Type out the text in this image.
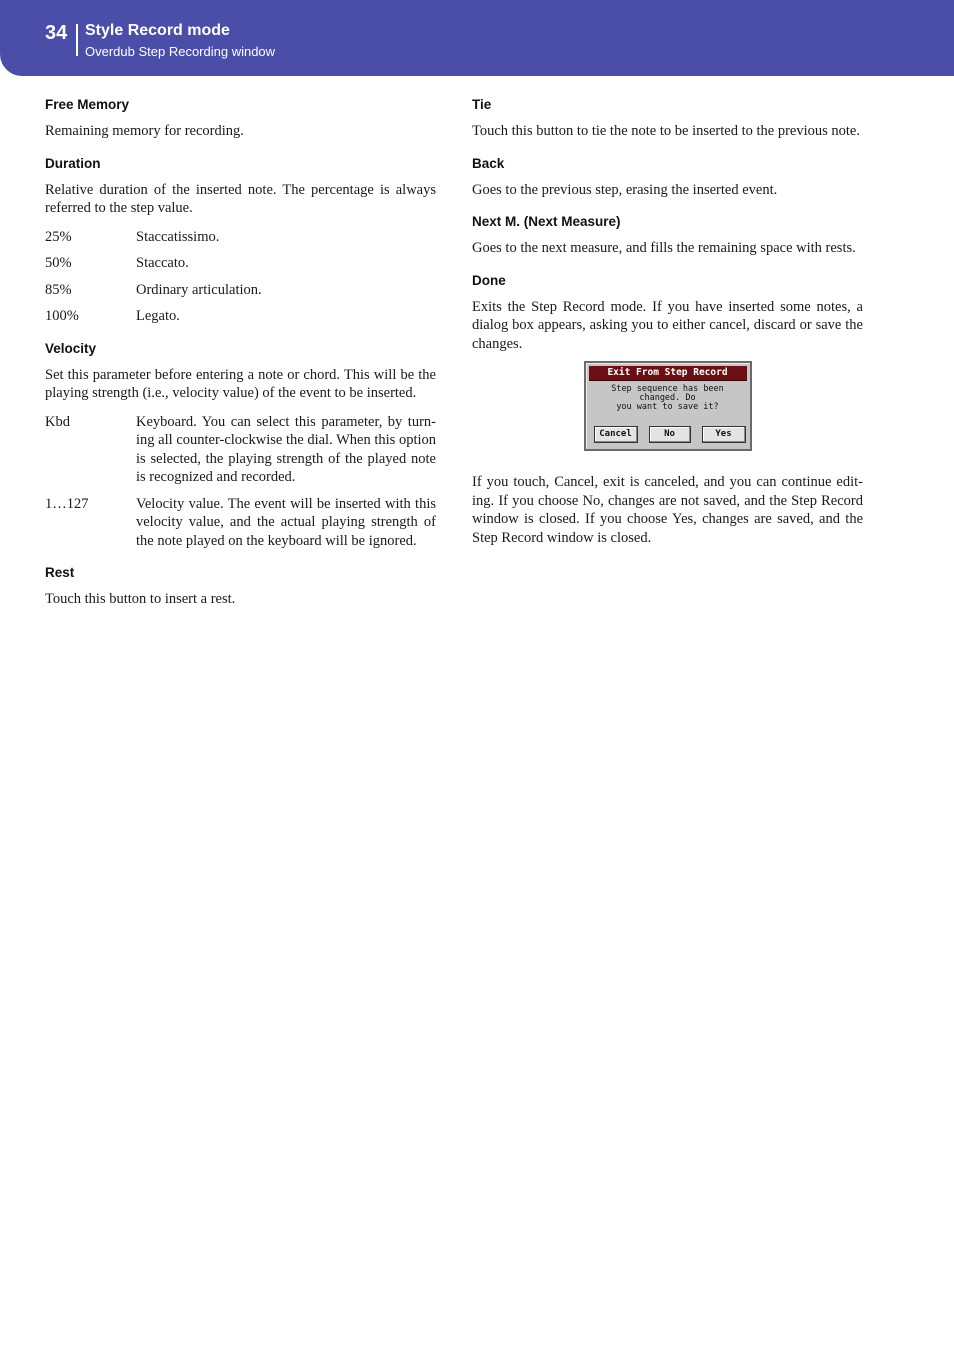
34 Style Record mode
Overdub Step Recording window
Free Memory

Remaining memory for recording.

Duration

Relative duration of the inserted note. The percentage is always referred to the step value.

25%	Staccatissimo.
50%	Staccato.
85%	Ordinary articulation.
100%	Legato.
Velocity

Set this parameter before entering a note or chord. This will be the playing strength (i.e., velocity value) of the event to be inserted.

Kbd	Keyboard. You can select this parameter, by turning all counter-clockwise the dial. When this option is selected, the playing strength of the played note is recognized and recorded.
1…127	Velocity value. The event will be inserted with this velocity value, and the actual playing strength of the note played on the keyboard will be ignored.
Rest

Touch this button to insert a rest.

Tie

Touch this button to tie the note to be inserted to the previous note.

Back

Goes to the previous step, erasing the inserted event.

Next M. (Next Measure)

Goes to the next measure, and fills the remaining space with rests.

Done

Exits the Step Record mode. If you have inserted some notes, a dialog box appears, asking you to either cancel, discard or save the changes.

Exit From Step Record
Step sequence has been changed. Do
you want to save it?
Cancel	No	Yes

If you touch, Cancel, exit is canceled, and you can continue editing. If you choose No, changes are not saved, and the Step Record window is closed. If you choose Yes, changes are saved, and the Step Record window is closed.
